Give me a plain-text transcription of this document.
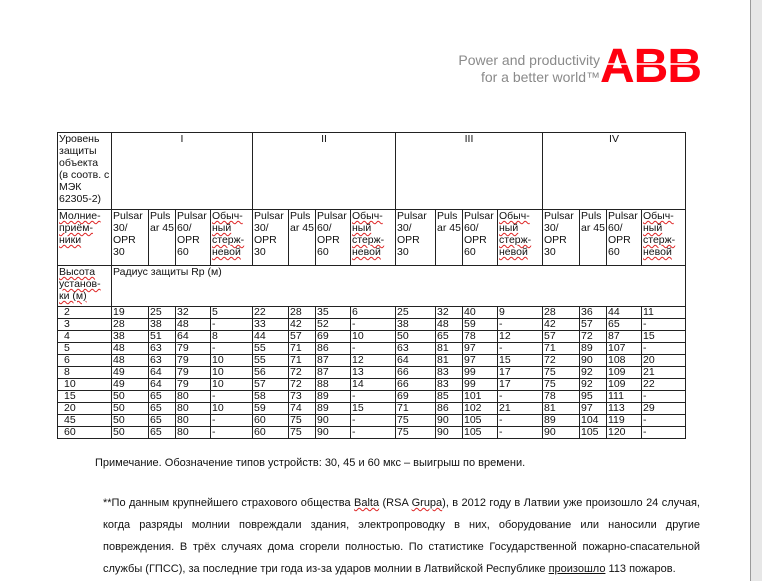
Power and productivity
for a better world™ ABB
Уровень защиты объекта (в соотв. с МЭК 62305-2)	I				II				III				IV			
Молние-приём-ники	Pulsar 30/ OPR 30	Puls ar 45	Pulsar 60/ OPR 60	Обыч-ный стерж-невой	Pulsar 30/ OPR 30	Puls ar 45	Pulsar 60/ OPR 60	Обыч-ный стерж-невой	Pulsar 30/ OPR 30	Puls ar 45	Pulsar 60/ OPR 60	Обыч-ный стерж-невой	Pulsar 30/ OPR 30	Puls ar 45	Pulsar 60/ OPR 60	Обыч-ный стерж-невой
Высота установ-ки (м)	Радиус защиты Rp (м)															
2	19	25	32	5	22	28	35	6	25	32	40	9	28	36	44	11
3	28	38	48	-	33	42	52	-	38	48	59	-	42	57	65	-
4	38	51	64	8	44	57	69	10	50	65	78	12	57	72	87	15
5	48	63	79	-	55	71	86	-	63	81	97	-	71	89	107	-
6	48	63	79	10	55	71	87	12	64	81	97	15	72	90	108	20
8	49	64	79	10	56	72	87	13	66	83	99	17	75	92	109	21
10	49	64	79	10	57	72	88	14	66	83	99	17	75	92	109	22
15	50	65	80	-	58	73	89	-	69	85	101	-	78	95	111	-
20	50	65	80	10	59	74	89	15	71	86	102	21	81	97	113	29
45	50	65	80	-	60	75	90	-	75	90	105	-	89	104	119	-
60	50	65	80	-	60	75	90	-	75	90	105	-	90	105	120	-
Примечание. Обозначение типов устройств: 30, 45 и 60 мкс – выигрыш по времени.
**По данным крупнейшего страхового общества Balta (RSA Grupa), в 2012 году в Латвии уже произошло 24 случая, когда разряды молнии повреждали здания, электропроводку в них, оборудование или наносили другие повреждения. В трёх случаях дома сгорели полностью. По статистике Государственной пожарно-спасательной службы (ГПСС), за последние три года из-за ударов молнии в Латвийской Республике произошло 113 пожаров.
